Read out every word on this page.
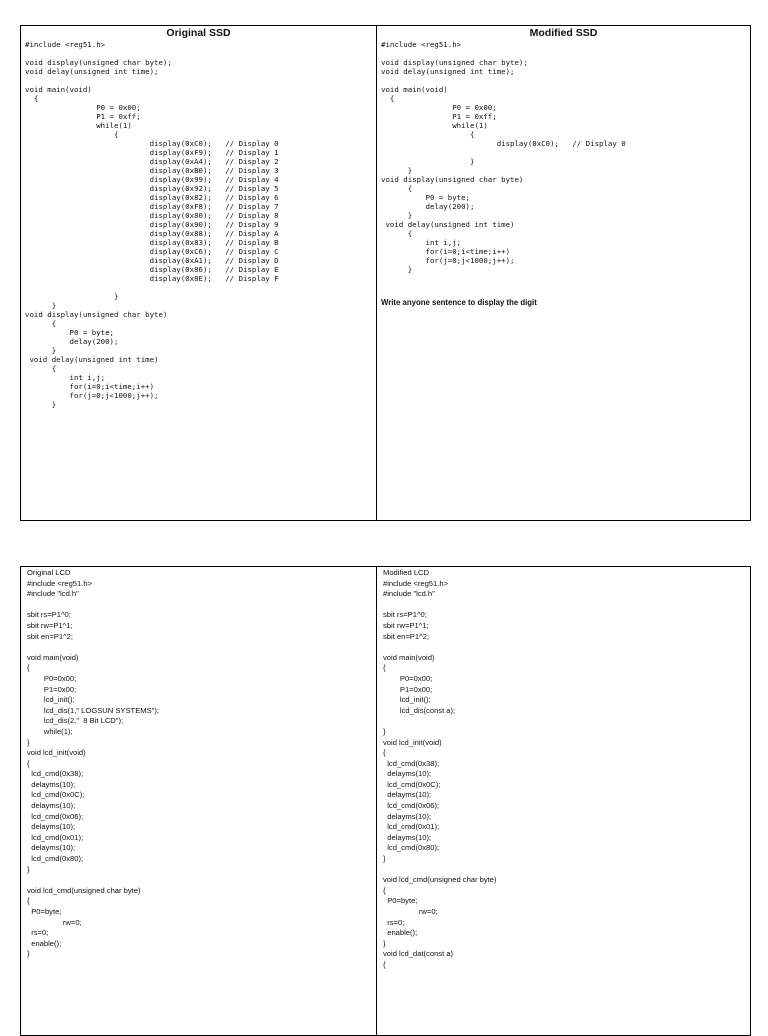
Original SSD
#include <reg51.h>

void display(unsigned char byte);
void delay(unsigned int time);

void main(void)
{
P0 = 0x00;
P1 = 0xff;
while(1)
{
display(0xC0);   // Display 0
display(0xF9);   // Display 1
display(0xA4);   // Display 2
display(0xB0);   // Display 3
display(0x99);   // Display 4
display(0x92);   // Display 5
display(0x82);   // Display 6
display(0xF8);   // Display 7
display(0x80);   // Display 8
display(0x90);   // Display 9
display(0x88);   // Display A
display(0x83);   // Display B
display(0xC6);   // Display C
display(0xA1);   // Display D
display(0x86);   // Display E
display(0x8E);   // Display F

}
}
void display(unsigned char byte)
{
P0 = byte;
delay(200);
}
void delay(unsigned int time)
{
int i,j;
for(i=0;i<time;i++)
for(j=0;j<1000;j++);
}
Modified SSD
#include <reg51.h>

void display(unsigned char byte);
void delay(unsigned int time);

void main(void)
{
P0 = 0x00;
P1 = 0xff;
while(1)
{
display(0xC0);   // Display 0

}
}
void display(unsigned char byte)
{
P0 = byte;
delay(200);
}
void delay(unsigned int time)
{
int i,j;
for(i=0;i<time;i++)
for(j=0;j<1000;j++);
}
Write anyone sentence to display the digit
Original LCD
#include <reg51.h>
#include "lcd.h"

sbit rs=P1^0;
sbit rw=P1^1;
sbit en=P1^2;

void main(void)
{
P0=0x00;
P1=0x00;
lcd_init();
lcd_dis(1," LOGSUN SYSTEMS");
lcd_dis(2,"  8 Bit LCD");
while(1);
}
void lcd_init(void)
{
lcd_cmd(0x38);
delayms(10);
lcd_cmd(0x0C);
delayms(10);
lcd_cmd(0x06);
delayms(10);
lcd_cmd(0x01);
delayms(10);
lcd_cmd(0x80);
}

void lcd_cmd(unsigned char byte)
{
P0=byte;
rw=0;
rs=0;
enable();
}
Modified LCD
#include <reg51.h>
#include "lcd.h"

sbit rs=P1^0;
sbit rw=P1^1;
sbit en=P1^2;

void main(void)
{
P0=0x00;
P1=0x00;
lcd_init();
lcd_dis(const a);

}
void lcd_init(void)
{
lcd_cmd(0x38);
delayms(10);
lcd_cmd(0x0C);
delayms(10);
lcd_cmd(0x06);
delayms(10);
lcd_cmd(0x01);
delayms(10);
lcd_cmd(0x80);
}

void lcd_cmd(unsigned char byte)
{
P0=byte;
rw=0;
rs=0;
enable();
}
void lcd_dat(const a)
{
